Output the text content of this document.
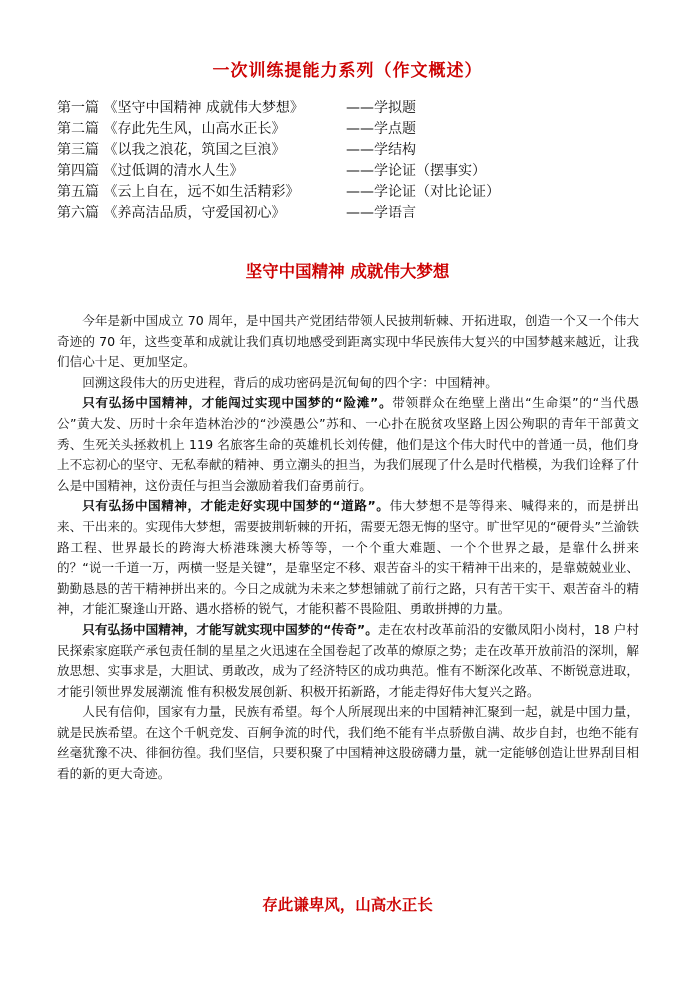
一次训练提能力系列（作文概述）
第一篇 《坚守中国精神 成就伟大梦想》	——学拟题
第二篇 《存此先生风，山高水正长》	——学点题
第三篇 《以我之浪花，筑国之巨浪》	——学结构
第四篇 《过低调的清水人生》	——学论证（摆事实）
第五篇 《云上自在，远不如生活精彩》	——学论证（对比论证）
第六篇 《养高洁品质，守爱国初心》	——学语言
坚守中国精神 成就伟大梦想

今年是新中国成立 70 周年，是中国共产党团结带领人民披荆斩棘、开拓进取，创造一个又一个伟大奇迹的 70 年，这些变革和成就让我们真切地感受到距离实现中华民族伟大复兴的中国梦越来越近，让我们信心十足、更加坚定。

回溯这段伟大的历史进程，背后的成功密码是沉甸甸的四个字：中国精神。

只有弘扬中国精神，才能闯过实现中国梦的“险滩”。带领群众在绝壁上凿出“生命渠”的“当代愚公”黄大发、历时十余年造林治沙的“沙漠愚公”苏和、一心扑在脱贫攻坚路上因公殉职的青年干部黄文秀、生死关头拯救机上 119 名旅客生命的英雄机长刘传健，他们是这个伟大时代中的普通一员，他们身上不忘初心的坚守、无私奉献的精神、勇立潮头的担当，为我们展现了什么是时代楷模，为我们诠释了什么是中国精神，这份责任与担当会激励着我们奋勇前行。

只有弘扬中国精神，才能走好实现中国梦的“道路”。伟大梦想不是等得来、喊得来的，而是拼出来、干出来的。实现伟大梦想，需要披荆斩棘的开拓，需要无怨无悔的坚守。旷世罕见的“硬骨头”兰渝铁路工程、世界最长的跨海大桥港珠澳大桥等等，一个个重大难题、一个个世界之最，是靠什么拼来的？“说一千道一万，两横一竖是关键”，是靠坚定不移、艰苦奋斗的实干精神干出来的，是靠兢兢业业、勤勤恳恳的苦干精神拼出来的。今日之成就为未来之梦想铺就了前行之路，只有苦干实干、艰苦奋斗的精神，才能汇聚逢山开路、遇水搭桥的锐气，才能积蓄不畏险阻、勇敢拼搏的力量。

只有弘扬中国精神，才能写就实现中国梦的“传奇”。走在农村改革前沿的安徽凤阳小岗村，18 户村民探索家庭联产承包责任制的星星之火迅速在全国卷起了改革的燎原之势；走在改革开放前沿的深圳，解放思想、实事求是，大胆试、勇敢改，成为了经济特区的成功典范。惟有不断深化改革、不断锐意进取，才能引领世界发展潮流 惟有积极发展创新、积极开拓新路，才能走得好伟大复兴之路。

人民有信仰，国家有力量，民族有希望。每个人所展现出来的中国精神汇聚到一起，就是中国力量，就是民族希望。在这个千帆竞发、百舸争流的时代，我们绝不能有半点骄傲自满、故步自封，也绝不能有丝毫犹豫不决、徘徊彷徨。我们坚信，只要积聚了中国精神这股磅礴力量，就一定能够创造让世界刮目相看的新的更大奇迹。

存此谦卑风，山高水正长
